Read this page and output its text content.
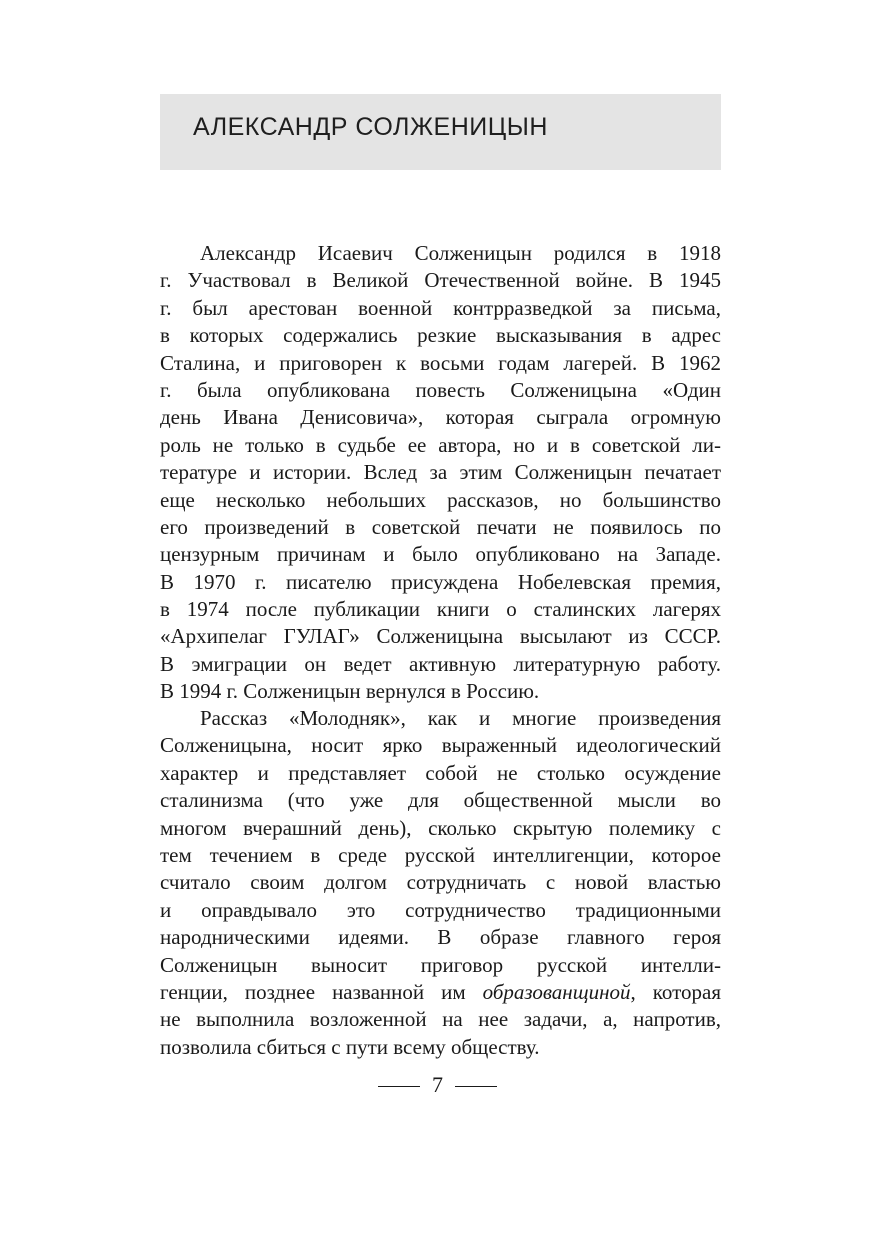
АЛЕКСАНДР СОЛЖЕНИЦЫН
Александр Исаевич Солженицын родился в 1918
г. Участвовал в Великой Отечественной войне. В 1945
г. был арестован военной контрразведкой за письма,
в которых содержались резкие высказывания в адрес
Сталина, и приговорен к восьми годам лагерей. В 1962
г. была опубликована повесть Солженицына «Один
день Ивана Денисовича», которая сыграла огромную
роль не только в судьбе ее автора, но и в советской ли-
тературе и истории. Вслед за этим Солженицын печатает
еще несколько небольших рассказов, но большинство
его произведений в советской печати не появилось по
цензурным причинам и было опубликовано на Западе.
В 1970 г. писателю присуждена Нобелевская премия,
в 1974 после публикации книги о сталинских лагерях
«Архипелаг ГУЛАГ» Солженицына высылают из СССР.
В эмиграции он ведет активную литературную работу.
В 1994 г. Солженицын вернулся в Россию.
Рассказ «Молодняк», как и многие произведения
Солженицына, носит ярко выраженный идеологический
характер и представляет собой не столько осуждение
сталинизма (что уже для общественной мысли во
многом вчерашний день), сколько скрытую полемику с
тем течением в среде русской интеллигенции, которое
считало своим долгом сотрудничать с новой властью
и оправдывало это сотрудничество традиционными
народническими идеями. В образе главного героя
Солженицын выносит приговор русской интелли-
генции, позднее названной им образованщиной, которая
не выполнила возложенной на нее задачи, а, напротив,
позволила сбиться с пути всему обществу.
7
